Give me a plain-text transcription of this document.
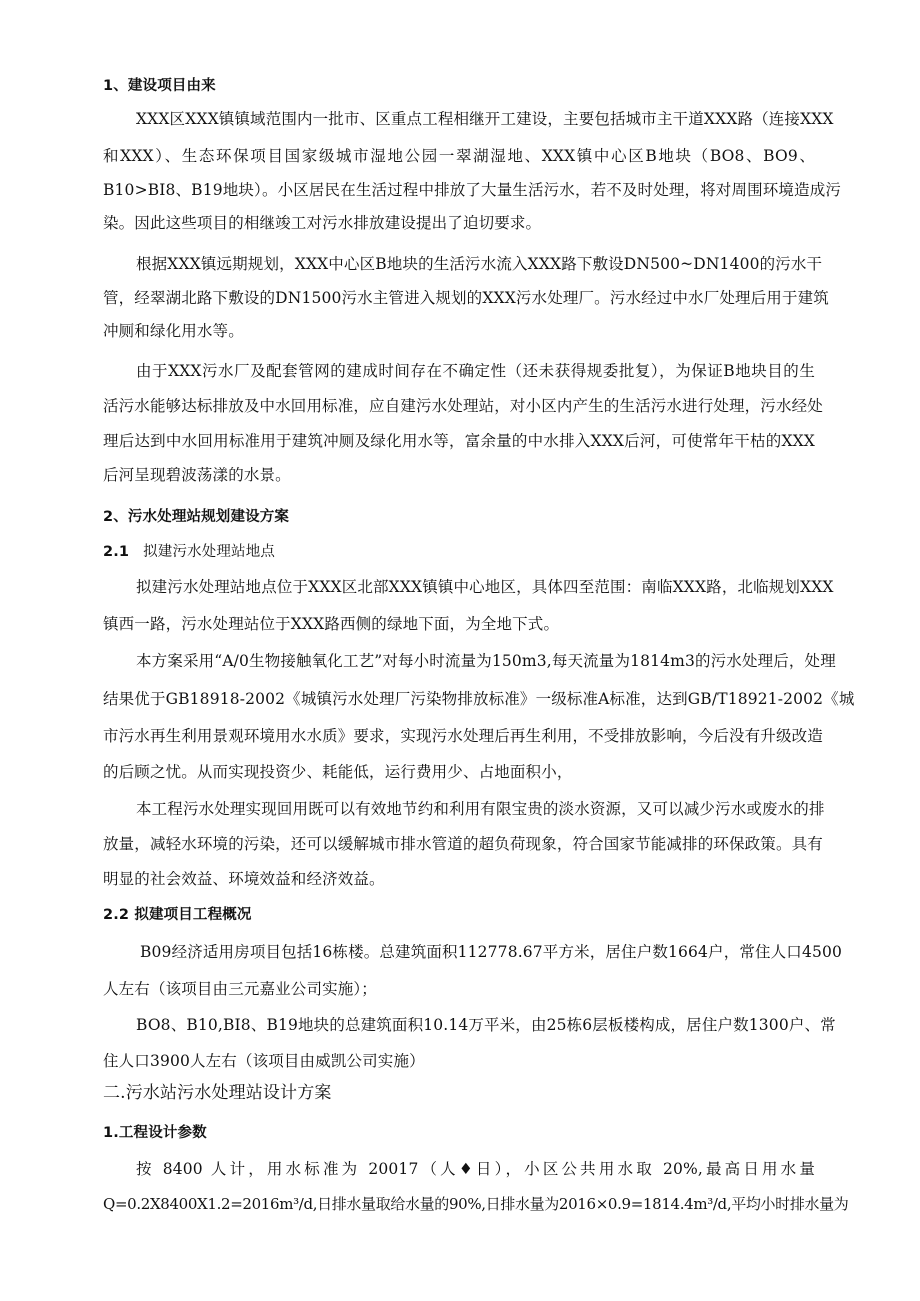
1、建设项目由来
XXX区XXX镇镇域范围内一批市、区重点工程相继开工建设，主要包括城市主干道XXX路（连接XXX
和XXX）、生态环保项目国家级城市湿地公园一翠湖湿地、XXX镇中心区B地块（BO8、BO9、
B10>BI8、B19地块）。小区居民在生活过程中排放了大量生活污水，若不及时处理，将对周围环境造成污
染。因此这些项目的相继竣工对污水排放建设提出了迫切要求。
根据XXX镇远期规划，XXX中心区B地块的生活污水流入XXX路下敷设DN500~DN1400的污水干
管，经翠湖北路下敷设的DN1500污水主管进入规划的XXX污水处理厂。污水经过中水厂处理后用于建筑
冲厕和绿化用水等。
由于XXX污水厂及配套管网的建成时间存在不确定性（还未获得规委批复），为保证B地块目的生
活污水能够达标排放及中水回用标准，应自建污水处理站，对小区内产生的生活污水进行处理，污水经处
理后达到中水回用标准用于建筑冲厕及绿化用水等，富余量的中水排入XXX后河，可使常年干枯的XXX
后河呈现碧波荡漾的水景。
2、污水处理站规划建设方案
2.1 拟建污水处理站地点
拟建污水处理站地点位于XXX区北部XXX镇镇中心地区，具体四至范围：南临XXX路，北临规划XXX
镇西一路，污水处理站位于XXX路西侧的绿地下面，为全地下式。
本方案采用“A/0生物接触氧化工艺”对每小时流量为150m3,每天流量为1814m3的污水处理后，处理
结果优于GB18918-2002《城镇污水处理厂污染物排放标准》一级标准A标准，达到GB/T18921-2002《城
市污水再生利用景观环境用水水质》要求，实现污水处理后再生利用，不受排放影响，今后没有升级改造
的后顾之忧。从而实现投资少、耗能低，运行费用少、占地面积小，
本工程污水处理实现回用既可以有效地节约和利用有限宝贵的淡水资源，又可以减少污水或废水的排
放量，减轻水环境的污染，还可以缓解城市排水管道的超负荷现象，符合国家节能减排的环保政策。具有
明显的社会效益、环境效益和经济效益。
2.2 拟建项目工程概况
B09经济适用房项目包括16栋楼。总建筑面积112778.67平方米，居住户数1664户，常住人口4500
人左右（该项目由三元嘉业公司实施）；
BO8、B10,BI8、B19地块的总建筑面积10.14万平米，由25栋6层板楼构成，居住户数1300户、常
住人口3900人左右（该项目由威凯公司实施）
二.污水站污水处理站设计方案
1.工程设计参数
按 8400 人计，用水标准为 20017（人♦日），小区公共用水取 20%,最高日用水量
Q=0.2X8400X1.2=2016m³/d,日排水量取给水量的90%,日排水量为2016×0.9=1814.4m³/d,平均小时排水量为
